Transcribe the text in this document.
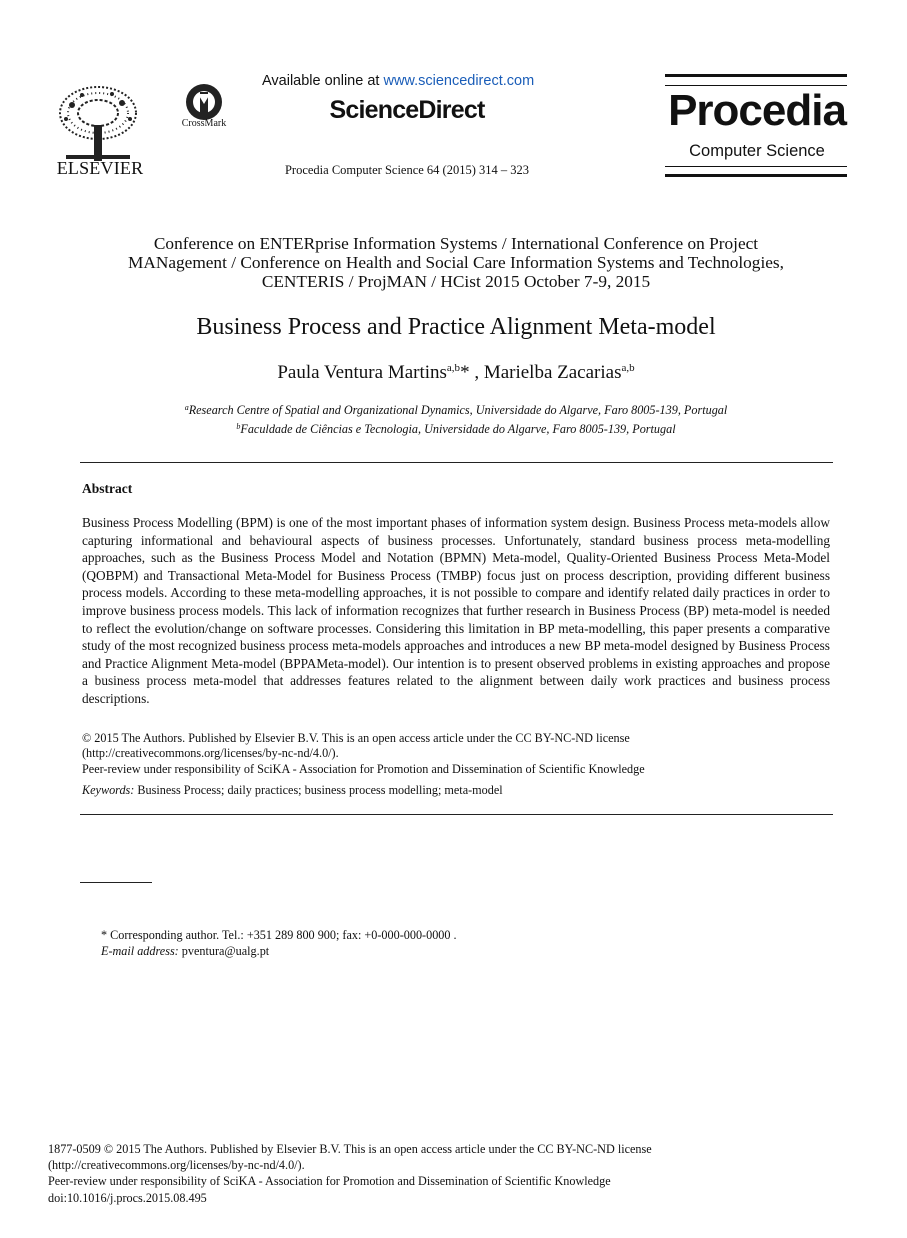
ELSEVIER
CrossMark
Available online at www.sciencedirect.com
ScienceDirect
Procedia Computer Science 64 (2015) 314 – 323
Procedia
Computer Science
Conference on ENTERprise Information Systems / International Conference on Project
MANagement / Conference on Health and Social Care Information Systems and Technologies,
CENTERIS / ProjMAN / HCist 2015 October 7-9, 2015
Business Process and Practice Alignment Meta-model
Paula Ventura Martins$^{a,b}$* , Marielba Zacarias$^{a,b}$
$^a$Research Centre of Spatial and Organizational Dynamics, Universidade do Algarve, Faro 8005-139, Portugal
$^b$Faculdade de Ciências e Tecnologia, Universidade do Algarve, Faro 8005-139, Portugal
Abstract
Business Process Modelling (BPM) is one of the most important phases of information system design. Business Process meta-models allow capturing informational and behavioural aspects of business processes. Unfortunately, standard business process meta-modelling approaches, such as the Business Process Model and Notation (BPMN) Meta-model, Quality-Oriented Business Process Meta-Model (QOBPM) and Transactional Meta-Model for Business Process (TMBP) focus just on process description, providing different business process models. According to these meta-modelling approaches, it is not possible to compare and identify related daily practices in order to improve business process models. This lack of information recognizes that further research in Business Process (BP) meta-model is needed to reflect the evolution/change on software processes. Considering this limitation in BP meta-modelling, this paper presents a comparative study of the most recognized business process meta-models approaches and introduces a new BP meta-model designed by Business Process and Practice Alignment Meta-model (BPPAMeta-model). Our intention is to present observed problems in existing approaches and propose a business process meta-model that addresses features related to the alignment between daily work practices and business process descriptions.
© 2015 The Authors. Published by Elsevier B.V. This is an open access article under the CC BY-NC-ND license
(http://creativecommons.org/licenses/by-nc-nd/4.0/).
Peer-review under responsibility of SciKA - Association for Promotion and Dissemination of Scientific Knowledge
Keywords: Business Process; daily practices; business process modelling; meta-model
* Corresponding author. Tel.: +351 289 800 900; fax: +0-000-000-0000 .
E-mail address: pventura@ualg.pt
1877-0509 © 2015 The Authors. Published by Elsevier B.V. This is an open access article under the CC BY-NC-ND license
(http://creativecommons.org/licenses/by-nc-nd/4.0/).
Peer-review under responsibility of SciKA - Association for Promotion and Dissemination of Scientific Knowledge
doi:10.1016/j.procs.2015.08.495
